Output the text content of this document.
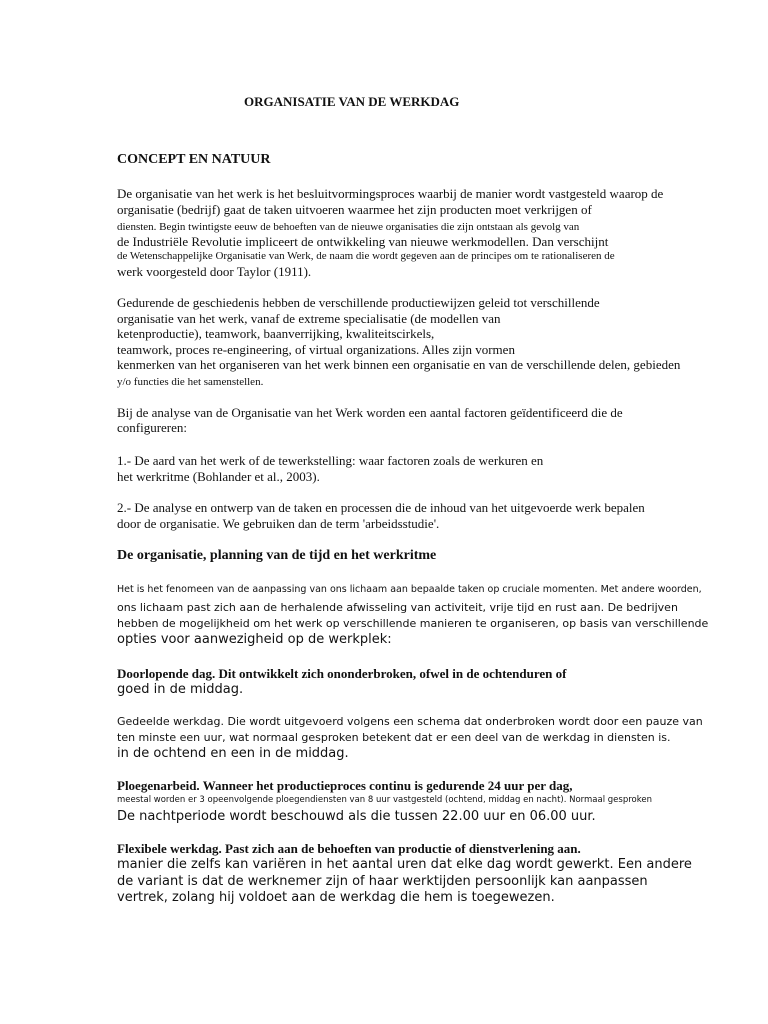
ORGANISATIE VAN DE WERKDAG
CONCEPT EN NATUUR
De organisatie van het werk is het besluitvormingsproces waarbij de manier wordt vastgesteld waarop de
organisatie (bedrijf) gaat de taken uitvoeren waarmee het zijn producten moet verkrijgen of
diensten. Begin twintigste eeuw de behoeften van de nieuwe organisaties die zijn ontstaan als gevolg van
de Industriële Revolutie impliceert de ontwikkeling van nieuwe werkmodellen. Dan verschijnt
de Wetenschappelijke Organisatie van Werk, de naam die wordt gegeven aan de principes om te rationaliseren de
werk voorgesteld door Taylor (1911).
Gedurende de geschiedenis hebben de verschillende productiewijzen geleid tot verschillende
organisatie van het werk, vanaf de extreme specialisatie (de modellen van
ketenproductie), teamwork, baanverrijking, kwaliteitscirkels,
teamwork, proces re-engineering, of virtual organizations. Alles zijn vormen
kenmerken van het organiseren van het werk binnen een organisatie en van de verschillende delen, gebieden
y/o functies die het samenstellen.
Bij de analyse van de Organisatie van het Werk worden een aantal factoren geïdentificeerd die de
configureren:
1.- De aard van het werk of de tewerkstelling: waar factoren zoals de werkuren en
het werkritme (Bohlander et al., 2003).
2.- De analyse en ontwerp van de taken en processen die de inhoud van het uitgevoerde werk bepalen
door de organisatie. We gebruiken dan de term 'arbeidsstudie'.
De organisatie, planning van de tijd en het werkritme
Het is het fenomeen van de aanpassing van ons lichaam aan bepaalde taken op cruciale momenten. Met andere woorden,
ons lichaam past zich aan de herhalende afwisseling van activiteit, vrije tijd en rust aan. De bedrijven
hebben de mogelijkheid om het werk op verschillende manieren te organiseren, op basis van verschillende
opties voor aanwezigheid op de werkplek:
Doorlopende dag. Dit ontwikkelt zich ononderbroken, ofwel in de ochtenduren of
goed in de middag.
Gedeelde werkdag. Die wordt uitgevoerd volgens een schema dat onderbroken wordt door een pauze van
ten minste een uur, wat normaal gesproken betekent dat er een deel van de werkdag in diensten is.
in de ochtend en een in de middag.
Ploegenarbeid. Wanneer het productieproces continu is gedurende 24 uur per dag,
meestal worden er 3 opeenvolgende ploegendiensten van 8 uur vastgesteld (ochtend, middag en nacht). Normaal gesproken
De nachtperiode wordt beschouwd als die tussen 22.00 uur en 06.00 uur.
Flexibele werkdag. Past zich aan de behoeften van productie of dienstverlening aan.
manier die zelfs kan variëren in het aantal uren dat elke dag wordt gewerkt. Een andere
de variant is dat de werknemer zijn of haar werktijden persoonlijk kan aanpassen
vertrek, zolang hij voldoet aan de werkdag die hem is toegewezen.
